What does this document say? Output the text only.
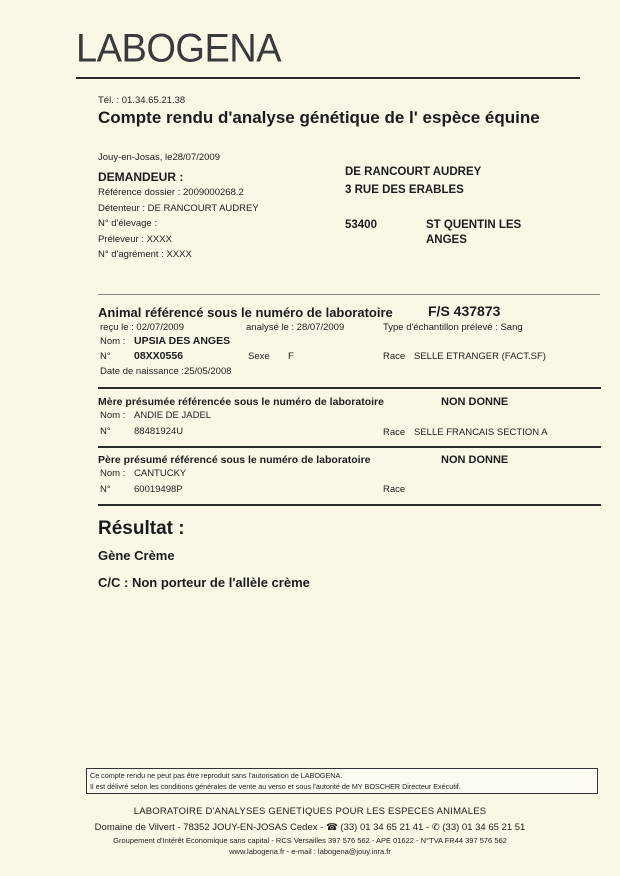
LABOGENA
Tél. : 01.34.65.21.38
Compte rendu d'analyse génétique de l' espèce équine
Jouy-en-Josas, le28/07/2009
DEMANDEUR :
Référence dossier : 2009000268.2
Détenteur : DE RANCOURT AUDREY
N° d'élevage :
Préleveur : XXXX
N° d'agrément : XXXX
DE RANCOURT AUDREY
3 RUE DES ERABLES
53400	ST QUENTIN LES
ANGES
Animal référencé sous le numéro de laboratoire	F/S 437873
reçu le : 02/07/2009	analysé le : 28/07/2009	Type d'échantillon prélevé : Sang
Nom : UPSIA DES ANGES
N° 08XX0556	Sexe F	Race SELLE ETRANGER (FACT.SF)
Date de naissance :25/05/2008
Mère présumée référencée sous le numéro de laboratoire	NON DONNE
Nom : ANDIE DE JADEL
N° 88481924U	Race SELLE FRANCAIS SECTION A
Père présumé référencé sous le numéro de laboratoire	NON DONNE
Nom : CANTUCKY
N° 60019498P	Race
Résultat :
Gène Crème
C/C : Non porteur de l'allèle crème
Ce compte rendu ne peut pas être reproduit sans l'autorisation de LABOGENA.
Il est délivré selon les conditions générales de vente au verso et sous l'autorité de MY BOSCHER Directeur Exécutif.
LABORATOIRE D'ANALYSES GENETIQUES POUR LES ESPECES ANIMALES
Domaine de Vilvert - 78352 JOUY-EN-JOSAS Cedex - ☎ (33) 01 34 65 21 41 - ✆ (33) 01 34 65 21 51
Groupement d'Intérêt Economique sans capital - RCS Versailles 397 576 562 - APE 01622 - N°TVA FR44 397 576 562
www.labogena.fr - e-mail : labogena@jouy.inra.fr
